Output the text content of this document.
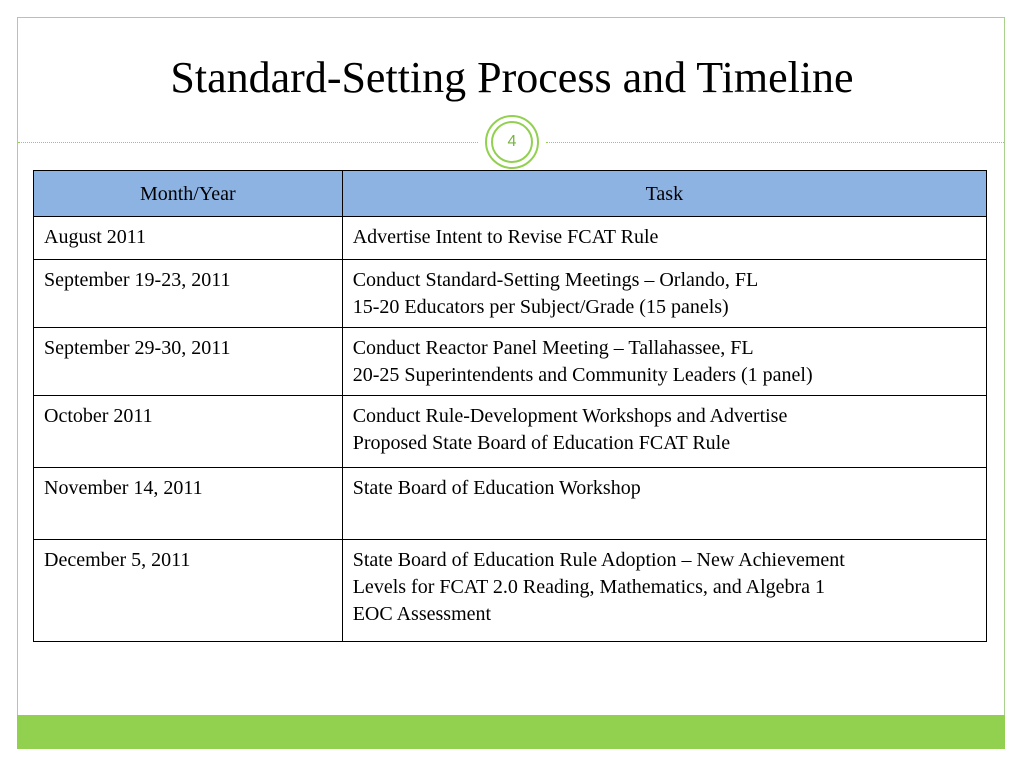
Standard-Setting Process and Timeline
4
Month/Year	Task
August 2011	Advertise Intent to Revise FCAT Rule

September 19-23, 2011	Conduct Standard-Setting Meetings – Orlando, FL
15-20 Educators per Subject/Grade (15 panels)

September 29-30, 2011	Conduct Reactor Panel Meeting – Tallahassee, FL
20-25 Superintendents and Community Leaders (1 panel)

October 2011	Conduct Rule-Development Workshops and Advertise
Proposed State Board of Education FCAT Rule

November 14, 2011	State Board of Education Workshop

December 5, 2011	State Board of Education Rule Adoption – New Achievement
Levels for FCAT 2.0 Reading, Mathematics, and Algebra 1
EOC Assessment
